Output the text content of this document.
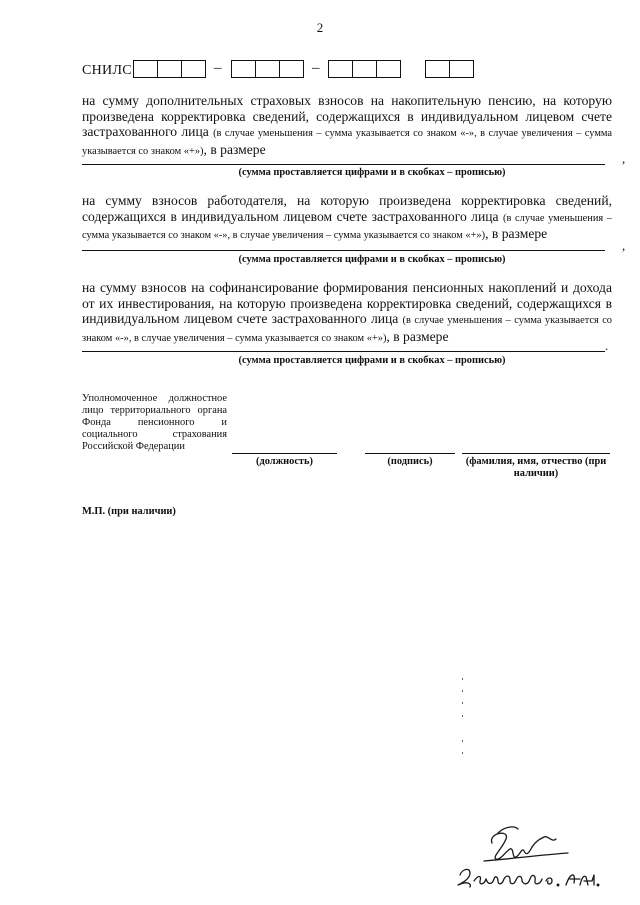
2
СНИЛС	–	–
на сумму дополнительных страховых взносов на накопительную пенсию, на которую произведена корректировка сведений, содержащихся в индивидуальном лицевом счете застрахованного лица (в случае уменьшения – сумма указывается со знаком «-», в случае увеличения – сумма указывается со знаком «+»), в размере
,
(сумма проставляется цифрами и в скобках – прописью)
на сумму взносов работодателя, на которую произведена корректировка сведений, содержащихся в индивидуальном лицевом счете застрахованного лица (в случае уменьшения – сумма указывается со знаком «-», в случае увеличения – сумма указывается со знаком «+»), в размере
,
(сумма проставляется цифрами и в скобках – прописью)
на сумму взносов на софинансирование формирования пенсионных накоплений и дохода от их инвестирования, на которую произведена корректировка сведений, содержащихся в индивидуальном лицевом счете застрахованного лица (в случае уменьшения – сумма указывается со знаком «-», в случае увеличения – сумма указывается со знаком «+»), в размере
.
(сумма проставляется цифрами и в скобках – прописью)
Уполномоченное должностное
лицо территориального органа
Фонда пенсионного и
социального страхования
Российской Федерации
(должность)	(подпись)	(фамилия, имя, отчество (при наличии)
М.П. (при наличии)
